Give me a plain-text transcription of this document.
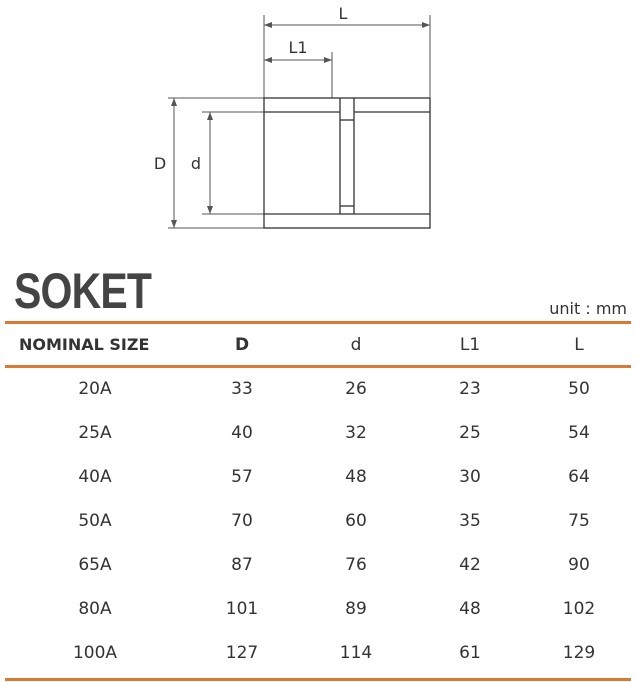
L
L1
D d
SOKET	unit : mm
NOMINAL SIZE	D	d	L1	L
20A	33	26	23	50
25A	40	32	25	54
40A	57	48	30	64
50A	70	60	35	75
65A	87	76	42	90
80A	101	89	48	102
100A	127	114	61	129
